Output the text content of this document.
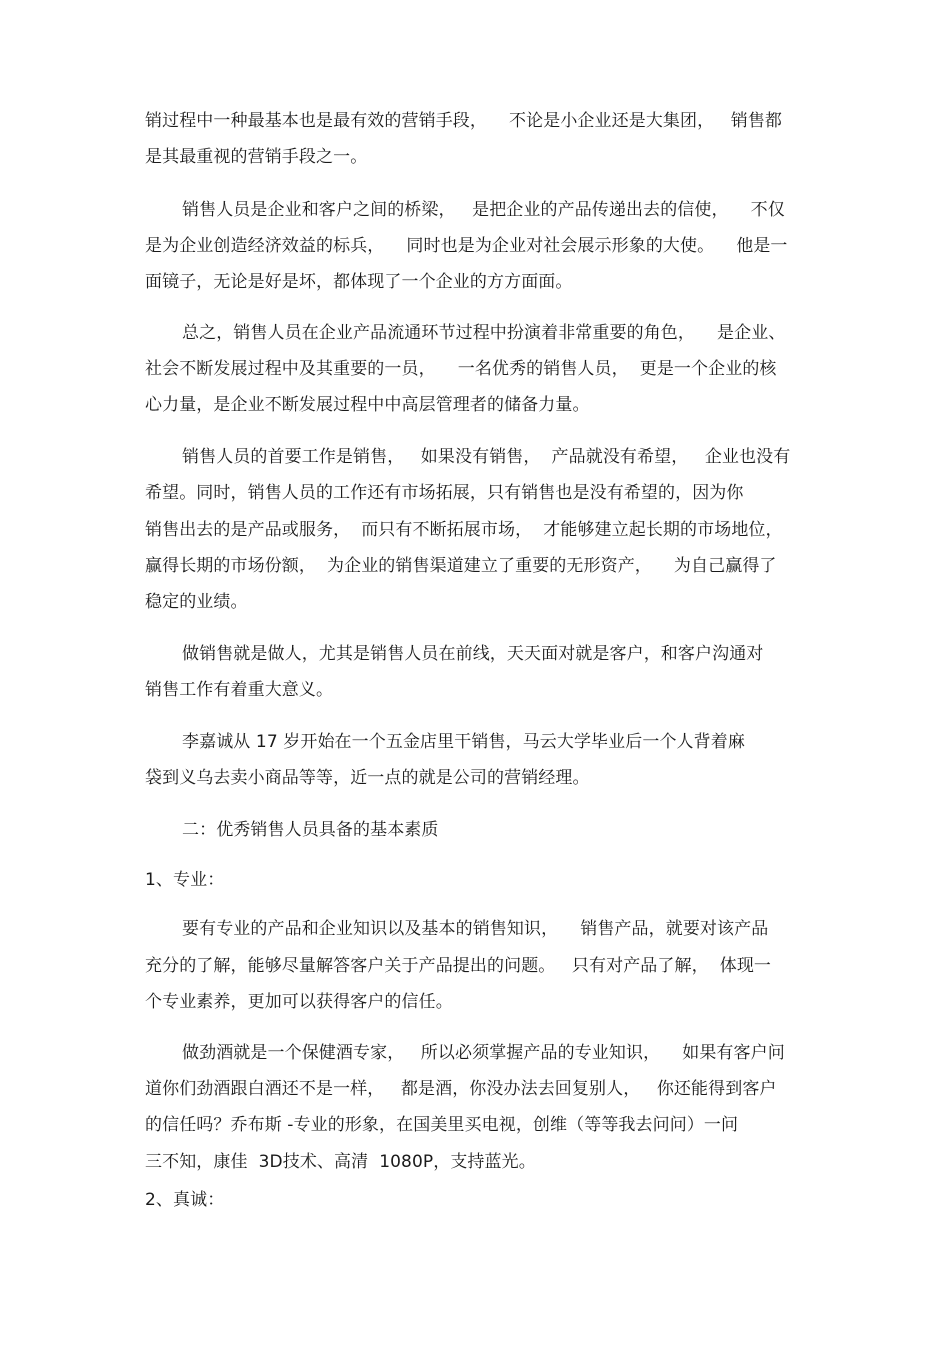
销过程中一种最基本也是最有效的营销手段，    不论是小企业还是大集团，   销售都
是其最重视的营销手段之一。
销售人员是企业和客户之间的桥梁，   是把企业的产品传递出去的信使，    不仅
是为企业创造经济效益的标兵，    同时也是为企业对社会展示形象的大使。    他是一
面镜子，无论是好是坏，都体现了一个企业的方方面面。
总之，销售人员在企业产品流通环节过程中扮演着非常重要的角色，    是企业、
社会不断发展过程中及其重要的一员，    一名优秀的销售人员，  更是一个企业的核
心力量，是企业不断发展过程中中高层管理者的储备力量。
销售人员的首要工作是销售，   如果没有销售，  产品就没有希望，   企业也没有
希望。同时，销售人员的工作还有市场拓展，只有销售也是没有希望的，因为你
销售出去的是产品或服务，  而只有不断拓展市场，  才能够建立起长期的市场地位，
赢得长期的市场份额，  为企业的销售渠道建立了重要的无形资产，    为自己赢得了
稳定的业绩。
做销售就是做人，尤其是销售人员在前线，天天面对就是客户，和客户沟通对
销售工作有着重大意义。
李嘉诚从 17 岁开始在一个五金店里干销售，马云大学毕业后一个人背着麻
袋到义乌去卖小商品等等，近一点的就是公司的营销经理。
二：优秀销售人员具备的基本素质
1、专业：
要有专业的产品和企业知识以及基本的销售知识，    销售产品，就要对该产品
充分的了解，能够尽量解答客户关于产品提出的问题。   只有对产品了解，  体现一
个专业素养，更加可以获得客户的信任。
做劲酒就是一个保健酒专家，   所以必须掌握产品的专业知识，    如果有客户问
道你们劲酒跟白酒还不是一样，   都是酒，你没办法去回复别人，   你还能得到客户
的信任吗？乔布斯 -专业的形象，在国美里买电视，创维（等等我去问问）一问
三不知，康佳  3D技术、高清  1080P，支持蓝光。
2、真诚：
